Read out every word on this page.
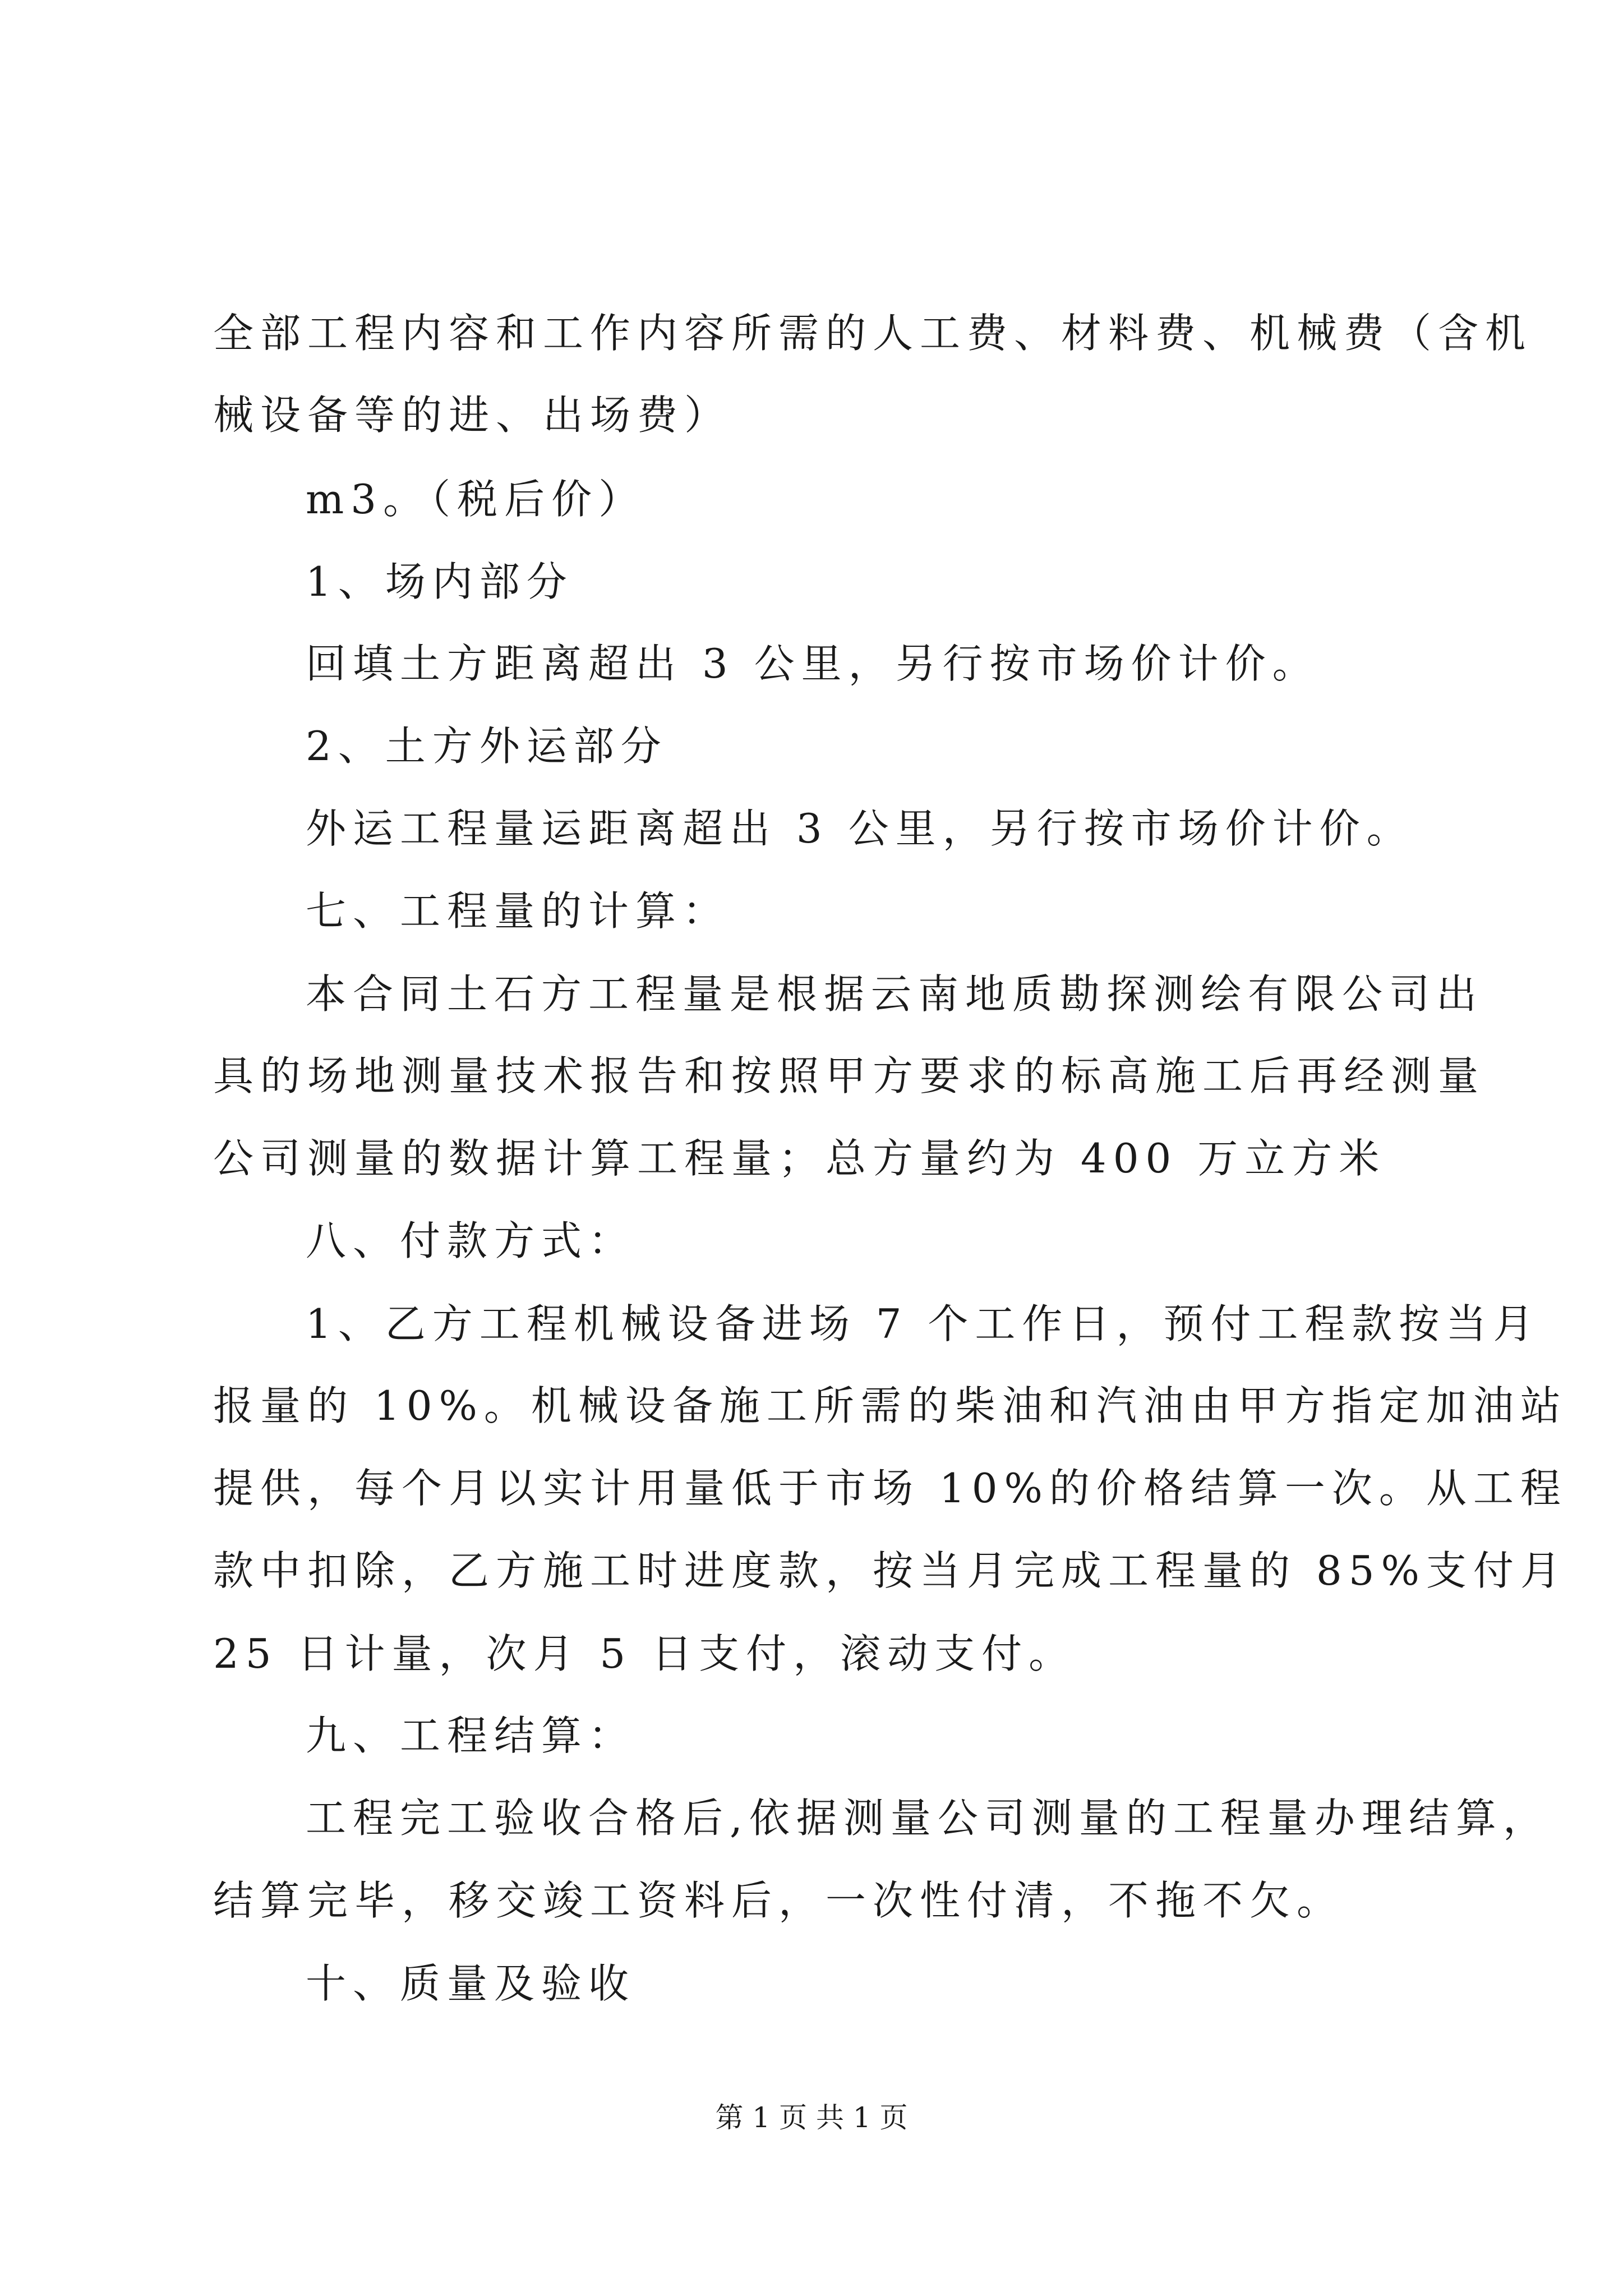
全部工程内容和工作内容所需的人工费、材料费、机械费（含机
械设备等的进、出场费）
m3。（税后价）
1、场内部分
回填土方距离超出 3 公里，另行按市场价计价。
2、土方外运部分
外运工程量运距离超出 3 公里，另行按市场价计价。
七、工程量的计算：
本合同土石方工程量是根据云南地质勘探测绘有限公司出
具的场地测量技术报告和按照甲方要求的标高施工后再经测量
公司测量的数据计算工程量；总方量约为 400 万立方米
八、付款方式：
1、乙方工程机械设备进场 7 个工作日，预付工程款按当月
报量的 10%。机械设备施工所需的柴油和汽油由甲方指定加油站
提供，每个月以实计用量低于市场 10%的价格结算一次。从工程
款中扣除，乙方施工时进度款，按当月完成工程量的 85%支付月
25 日计量，次月 5 日支付，滚动支付。
九、工程结算：
工程完工验收合格后,依据测量公司测量的工程量办理结算，
结算完毕，移交竣工资料后，一次性付清，不拖不欠。
十、质量及验收
第 1 页 共 1 页
